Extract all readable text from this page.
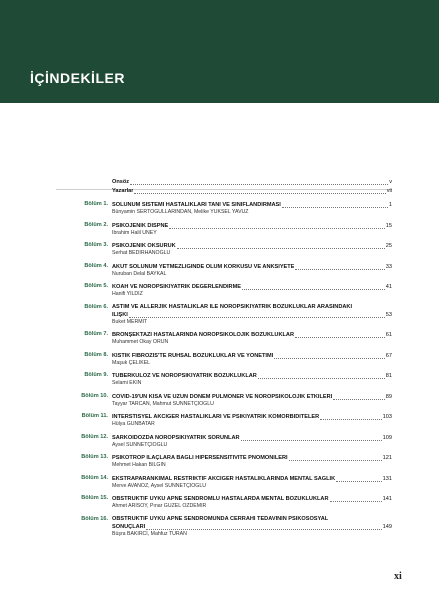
İÇİNDEKİLER
Önsöz	v
Yazarlar	vii
Bölüm 1. SOLUNUM SİSTEMİ HASTALIKLARI TANI VE SINIFLANDIRMASI	1
Bünyamin SERTOGULLARINDAN, Melike YÜKSEL YAVUZ
Bölüm 2. PSİKOJENİK DİSPNE	15
İbrahim Halil ÜNEY
Bölüm 3. PSİKOJENİK ÖKSÜRÜK	25
Serhat BEDİRHANOĞLU
Bölüm 4. AKUT SOLUNUM YETMEZLİĞİNDE ÖLÜM KORKUSU VE ANKSİYETE	33
Nuruban Delal BAYKAL
Bölüm 5. KOAH VE NÖROPSİKİYATRİK DEĞERLENDİRME	41
Hanifi YILDIZ
Bölüm 6. ASTIM VE ALLERJİK HASTALIKLAR İLE NÖROPSİKİYATRİK BOZUKLUKLAR ARASINDAKİ
İLİŞKİ	53
Buket MERMİT
Bölüm 7. BRONŞEKTAZİ HASTALARINDA NÖROPSİKOLOJİK BOZUKLUKLAR	61
Muhammet Okay ÖRÜN
Bölüm 8. KİSTİK FİBROZİS'TE RUHSAL BOZUKLUKLAR VE YÖNETİMİ	67
Maşuk ÇELİKEL
Bölüm 9. TÜBERKÜLOZ VE NÖROPSİKİYATRİK BOZUKLUKLAR	81
Selami EKİN
Bölüm 10. COVID-19'UN KISA VE UZUN DÖNEM PULMONER VE NÖROPSİKOLOJİK ETKİLERİ	89
Tayyar TARCAN, Mahmut SÜNNETÇİOĞLU
Bölüm 11. İNTERSTİSYEL AKCİĞER HASTALIKLARI VE PSİKİYATRİK KOMORBİDİTELER	103
Hülya GÜNBATAR
Bölüm 12. SARKOİDOZDA NÖROPSİKİYATRİK SORUNLAR	109
Aysel SÜNNETÇİOĞLU
Bölüm 13. PSİKOTROP İLAÇLARA BAĞLI HİPERSENSİTİVİTE PNÖMONİLERİ	121
Mehmet Hakan BİLGİN
Bölüm 14. EKSTRAPARANKİMAL RESTRİKTİF AKCİĞER HASTALIKLARINDA MENTAL SAĞLIK	131
Merve AVANOZ, Aysel SÜNNETÇİOĞLU
Bölüm 15. OBSTRÜKTİF UYKU APNE SENDROMLU HASTALARDA MENTAL BOZUKLUKLAR	141
Ahmet ARISOY, Pınar GÜZEL ÖZDEMİR
Bölüm 16. OBSTRÜKTİF UYKU APNE SENDROMUNDA CERRAHİ TEDAVİNİN PSİKOSOSYAL
SONUÇLARI	149
Büşra BAKIRCI, Mahfuz TURAN
xi
